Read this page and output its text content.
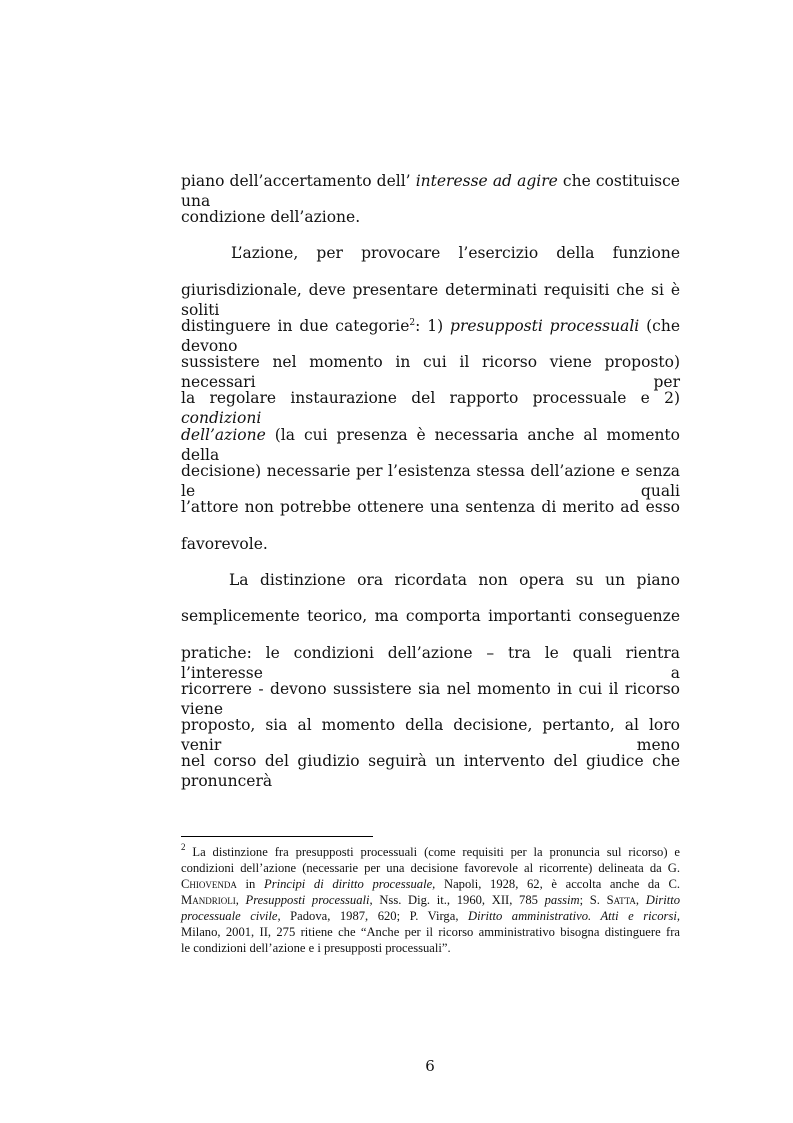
piano dell’accertamento dell’ interesse ad agire che costituisce una
condizione dell’azione.
L’azione, per provocare l’esercizio della funzione
giurisdizionale, deve presentare determinati requisiti che si è soliti
distinguere in due categorie$^2$: 1) presupposti processuali (che devono
sussistere nel momento in cui il ricorso viene proposto) necessari per
la regolare instaurazione del rapporto processuale e 2) condizioni
dell’azione (la cui presenza è necessaria anche al momento della
decisione) necessarie per l’esistenza stessa dell’azione e senza le quali
l’attore non potrebbe ottenere una sentenza di merito ad esso
favorevole.
La distinzione ora ricordata non opera su un piano
semplicemente teorico, ma comporta importanti conseguenze
pratiche: le condizioni dell’azione – tra le quali rientra l’interesse a
ricorrere - devono sussistere sia nel momento in cui il ricorso viene
proposto, sia al momento della decisione, pertanto, al loro venir meno
nel corso del giudizio seguirà un intervento del giudice che pronuncerà
$^2$ La distinzione fra presupposti processuali (come requisiti per la pronuncia sul ricorso) e
condizioni dell’azione (necessarie per una decisione favorevole al ricorrente) delineata da G.
Chiovenda in Principi di diritto processuale, Napoli, 1928, 62, è accolta anche da C.
Mandrioli, Presupposti processuali, Nss. Dig. it., 1960, XII, 785 passim; S. Satta, Diritto
processuale civile, Padova, 1987, 620; P. Virga, Diritto amministrativo. Atti e ricorsi,
Milano, 2001, II, 275 ritiene che “Anche per il ricorso amministrativo bisogna distinguere fra
le condizioni dell’azione e i presupposti processuali”.
6
